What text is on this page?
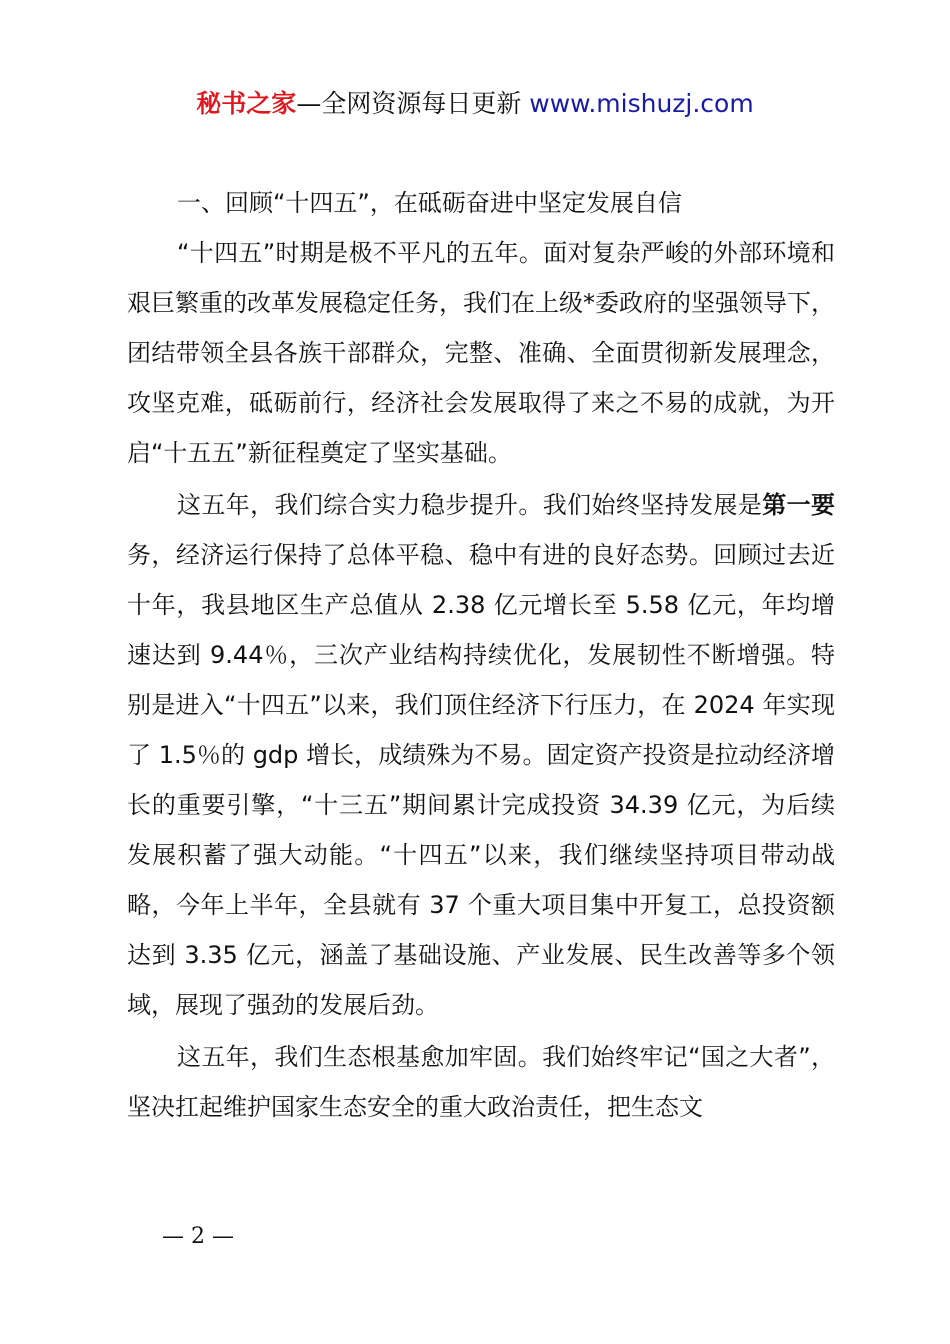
秘书之家—全网资源每日更新 www.mishuzj.com

一、回顾“十四五”，在砥砺奋进中坚定发展自信

“十四五”时期是极不平凡的五年。面对复杂严峻的外部环境和艰巨繁重的改革发展稳定任务，我们在上级*委政府的坚强领导下，团结带领全县各族干部群众，完整、准确、全面贯彻新发展理念，攻坚克难，砥砺前行，经济社会发展取得了来之不易的成就，为开启“十五五”新征程奠定了坚实基础。

这五年，我们综合实力稳步提升。我们始终坚持发展是第一要务，经济运行保持了总体平稳、稳中有进的良好态势。回顾过去近十年，我县地区生产总值从 2.38 亿元增长至 5.58 亿元，年均增速达到 9.44％，三次产业结构持续优化，发展韧性不断增强。特别是进入“十四五”以来，我们顶住经济下行压力，在 2024 年实现了 1.5％的 gdp 增长，成绩殊为不易。固定资产投资是拉动经济增长的重要引擎，“十三五”期间累计完成投资 34.39 亿元，为后续发展积蓄了强大动能。“十四五”以来，我们继续坚持项目带动战略，今年上半年，全县就有 37 个重大项目集中开复工，总投资额达到 3.35 亿元，涵盖了基础设施、产业发展、民生改善等多个领域，展现了强劲的发展后劲。

这五年，我们生态根基愈加牢固。我们始终牢记“国之大者”，坚决扛起维护国家生态安全的重大政治责任，把生态文

— 2 —
